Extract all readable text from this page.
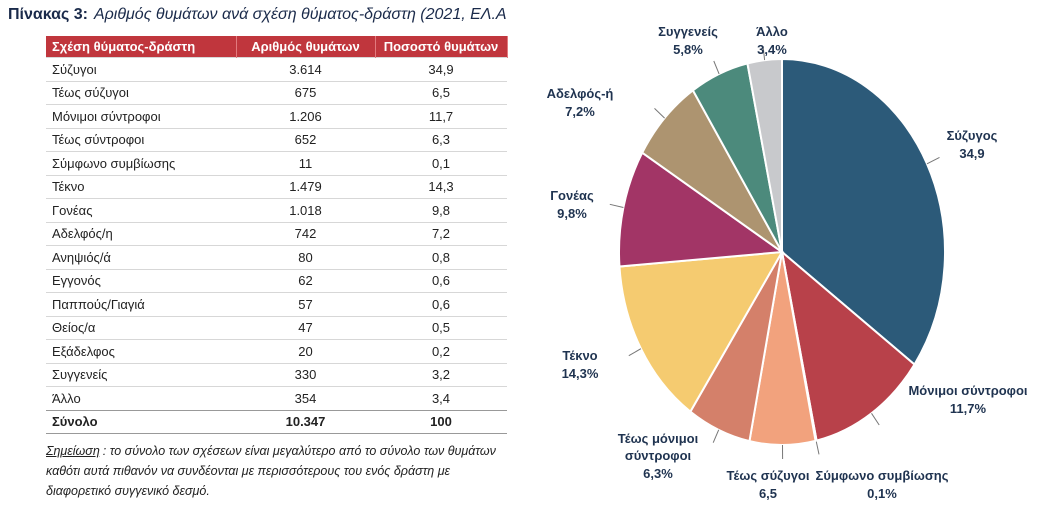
Πίνακας 3: Αριθμός θυμάτων ανά σχέση θύματος-δράστη (2021, ΕΛ.Α
Σχέση θύματος-δράστη	Αριθμός θυμάτων	Ποσοστό θυμάτων
Σύζυγοι	3.614	34,9
Τέως σύζυγοι	675	6,5
Μόνιμοι σύντροφοι	1.206	11,7
Τέως σύντροφοι	652	6,3
Σύμφωνο συμβίωσης	11	0,1
Τέκνο	1.479	14,3
Γονέας	1.018	9,8
Αδελφός/η	742	7,2
Ανηψιός/ά	80	0,8
Εγγονός	62	0,6
Παππούς/Γιαγιά	57	0,6
Θείος/α	47	0,5
Εξάδελφος	20	0,2
Συγγενείς	330	3,2
Άλλο	354	3,4
Σύνολο	10.347	100
Σημείωση : το σύνολο των σχέσεων είναι μεγαλύτερο από το σύνολο των θυμάτων καθότι αυτά πιθανόν να συνδέονται με περισσότερους του ενός δράστη με διαφορετικό συγγενικό δεσμό.
Σύζυγος 34,9
Μόνιμοι σύντροφοι 11,7%
Σύμφωνο συμβίωσης 0,1%
Τέως σύζυγοι 6,5
Τέως μόνιμοι σύντροφοι 6,3%
Τέκνο 14,3%
Γονέας 9,8%
Αδελφός-ή 7,2%
Συγγενείς 5,8%
Άλλο 3,4%
